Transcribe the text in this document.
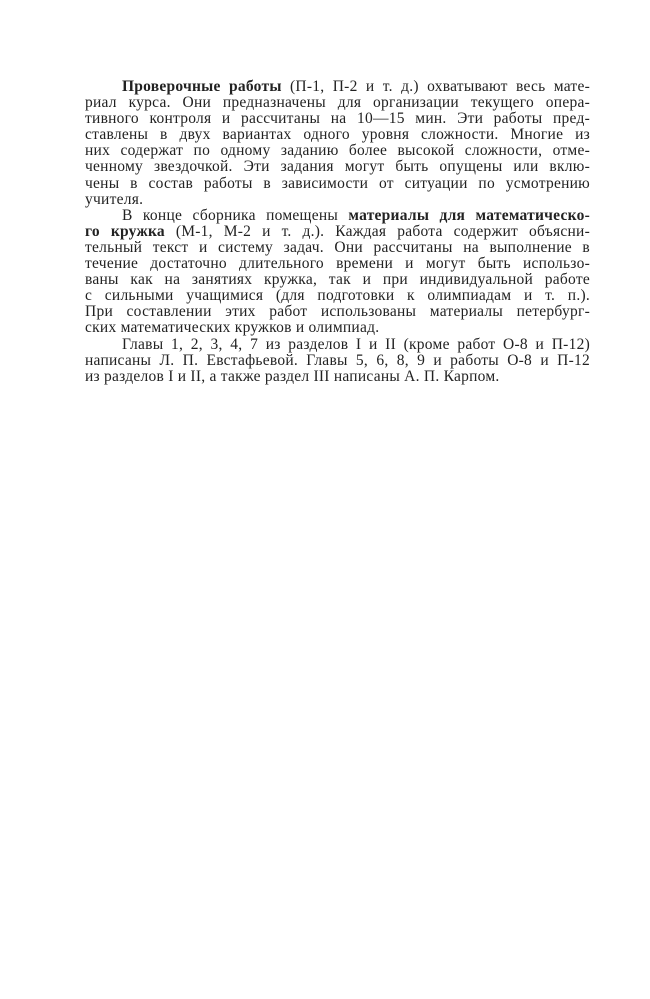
Проверочные работы (П-1, П-2 и т. д.) охватывают весь мате-
риал курса. Они предназначены для организации текущего опера-
тивного контроля и рассчитаны на 10—15 мин. Эти работы пред-
ставлены в двух вариантах одного уровня сложности. Многие из
них содержат по одному заданию более высокой сложности, отме-
ченному звездочкой. Эти задания могут быть опущены или вклю-
чены в состав работы в зависимости от ситуации по усмотрению
учителя.

В конце сборника помещены материалы для математическо-
го кружка (М-1, М-2 и т. д.). Каждая работа содержит объясни-
тельный текст и систему задач. Они рассчитаны на выполнение в
течение достаточно длительного времени и могут быть использо-
ваны как на занятиях кружка, так и при индивидуальной работе
с сильными учащимися (для подготовки к олимпиадам и т. п.).
При составлении этих работ использованы материалы петербург-
ских математических кружков и олимпиад.

Главы 1, 2, 3, 4, 7 из разделов I и II (кроме работ О-8 и П-12)
написаны Л. П. Евстафьевой. Главы 5, 6, 8, 9 и работы О-8 и П-12
из разделов I и II, а также раздел III написаны А. П. Карпом.
